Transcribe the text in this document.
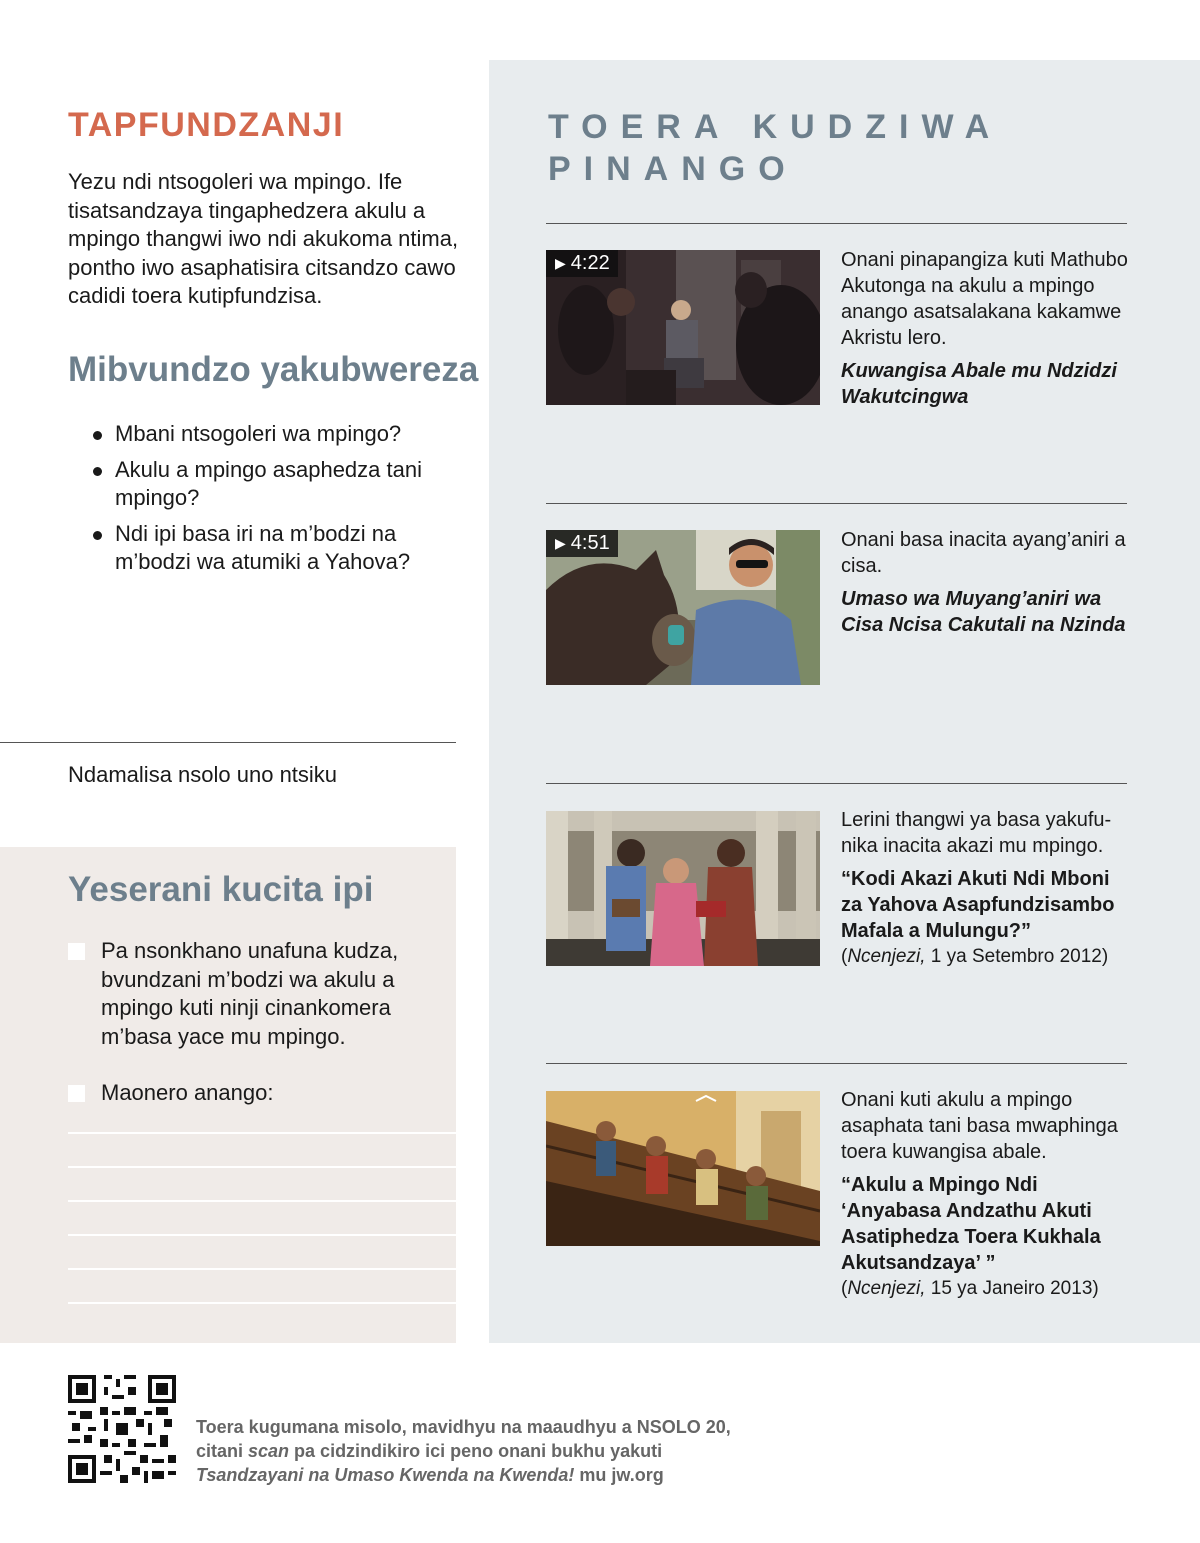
TAPFUNDZANJI

Yezu ndi ntsogoleri wa mpingo. Ife tisatsandzaya tingaphedzera akulu a mpingo thangwi iwo ndi akukoma ntima, pontho iwo asaphatisira citsandzo cawo cadidi toera kutipfundzisa.

Mibvundzo yakubwereza
Mbani ntsogoleri wa mpingo?
Akulu a mpingo asaphedza tani mpingo?
Ndi ipi basa iri na m’bodzi na m’bodzi wa atumiki a Yahova?
Ndamalisa nsolo uno ntsiku
Yeserani kucita ipi
Pa nsonkhano unafuna kudza, bvundzani m’bodzi wa akulu a mpingo kuti ninji cinankomera m’basa yace mu mpingo.
Maonero anango:
TOERA KUDZIWA PINANGO
▶ 4:22	Onani pinapangiza kuti Mathubo Akutonga na akulu a mpingo anango asatsalakana kakamwe Akristu lero.

Kuwangisa Abale mu Ndzidzi Wakutcingwa

▶ 4:51	Onani basa inacita ayang’aniri a cisa.

Umaso wa Muyang’aniri wa Cisa Ncisa Cakutali na Nzinda

Lerini thangwi ya basa yakufunika inacita akazi mu mpingo.

“Kodi Akazi Akuti Ndi Mboni za Yahova Asapfundzisambo Mafala a Mulungu?”

(Ncenjezi, 1 ya Setembro 2012)

Onani kuti akulu a mpingo asaphata tani basa mwaphinga toera kuwangisa abale.

“Akulu a Mpingo Ndi ‘Anyabasa Andzathu Akuti Asatiphedza Toera Kukhala Akutsandzaya’ ”

(Ncenjezi, 15 ya Janeiro 2013)

Toera kugumana misolo, mavidhyu na maaudhyu a NSOLO 20,
citani scan pa cidzindikiro ici peno onani bukhu yakuti
Tsandzayani na Umaso Kwenda na Kwenda! mu jw.org
